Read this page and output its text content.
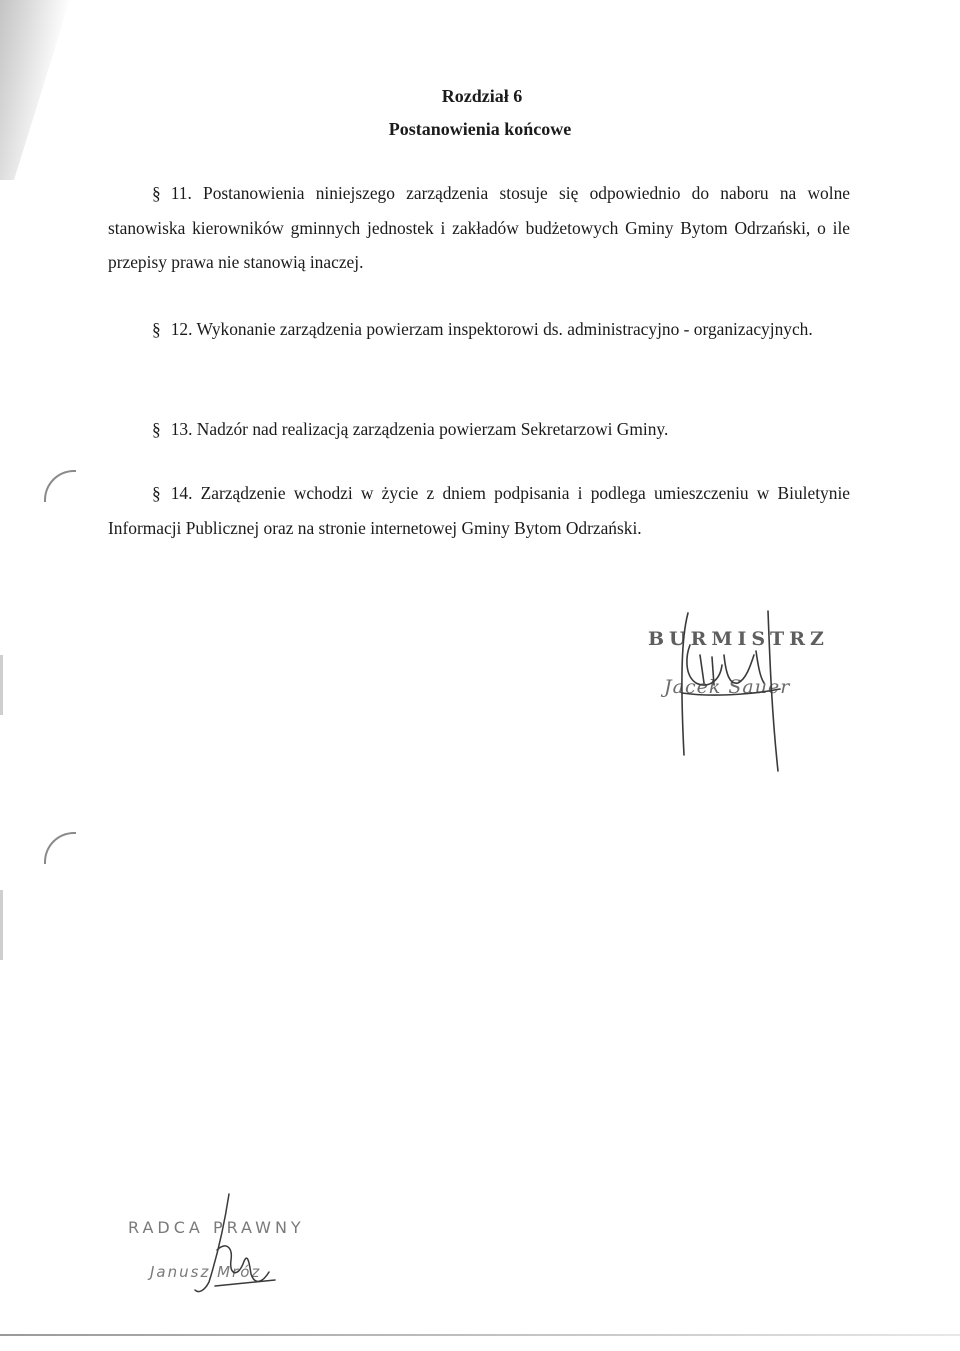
Rozdział 6
Postanowienia końcowe

§ 11. Postanowienia niniejszego zarządzenia stosuje się odpowiednio do naboru na wolne stanowiska kierowników gminnych jednostek i zakładów budżetowych Gminy Bytom Odrzański, o ile przepisy prawa nie stanowią inaczej.

§ 12. Wykonanie zarządzenia powierzam inspektorowi ds. administracyjno - organizacyjnych.

§ 13. Nadzór nad realizacją zarządzenia powierzam Sekretarzowi Gminy.

§ 14. Zarządzenie wchodzi w życie z dniem podpisania i podlega umieszczeniu w Biuletynie Informacji Publicznej oraz na stronie internetowej Gminy Bytom Odrzański.

BURMISTRZ
Jacek Sauer
RADCA PRAWNY
Janusz Mróz
